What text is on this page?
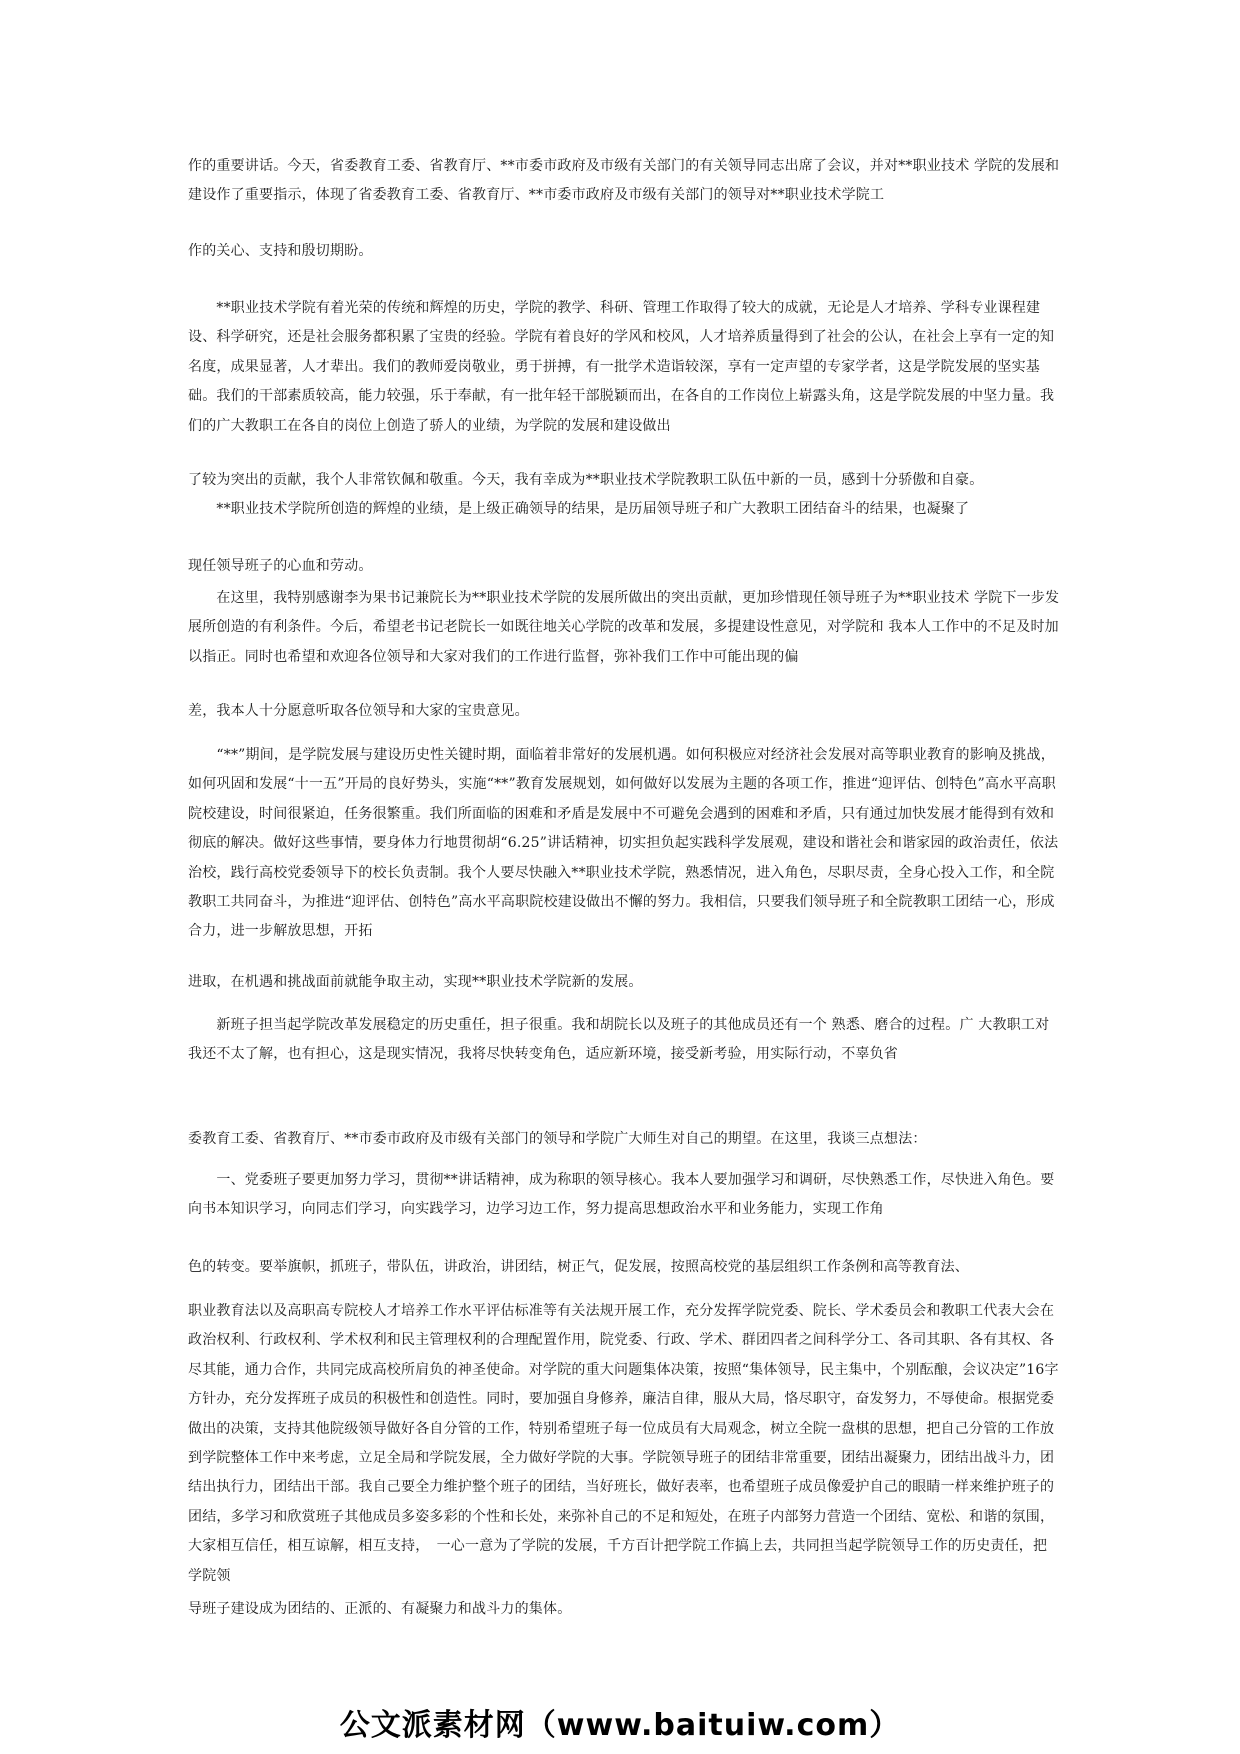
作的重要讲话。今天，省委教育工委、省教育厅、**市委市政府及市级有关部门的有关领导同志出席了会议，并对**职业技术 学院的发展和建设作了重要指示，体现了省委教育工委、省教育厅、**市委市政府及市级有关部门的领导对**职业技术学院工

作的关心、支持和殷切期盼。

　　**职业技术学院有着光荣的传统和辉煌的历史，学院的教学、科研、管理工作取得了较大的成就，无论是人才培养、学科专业课程建设、科学研究，还是社会服务都积累了宝贵的经验。学院有着良好的学风和校风，人才培养质量得到了社会的公认，在社会上享有一定的知名度，成果显著，人才辈出。我们的教师爱岗敬业，勇于拼搏，有一批学术造诣较深，享有一定声望的专家学者，这是学院发展的坚实基础。我们的干部素质较高，能力较强，乐于奉献，有一批年轻干部脱颖而出，在各自的工作岗位上崭露头角，这是学院发展的中坚力量。我们的广大教职工在各自的岗位上创造了骄人的业绩，为学院的发展和建设做出

了较为突出的贡献，我个人非常钦佩和敬重。今天，我有幸成为**职业技术学院教职工队伍中新的一员，感到十分骄傲和自豪。

　　**职业技术学院所创造的辉煌的业绩，是上级正确领导的结果，是历届领导班子和广大教职工团结奋斗的结果，也凝聚了

现任领导班子的心血和劳动。

　　在这里，我特别感谢李为果书记兼院长为**职业技术学院的发展所做出的突出贡献，更加珍惜现任领导班子为**职业技术 学院下一步发展所创造的有利条件。今后，希望老书记老院长一如既往地关心学院的改革和发展，多提建设性意见，对学院和 我本人工作中的不足及时加以指正。同时也希望和欢迎各位领导和大家对我们的工作进行监督，弥补我们工作中可能出现的偏

差，我本人十分愿意听取各位领导和大家的宝贵意见。

　　“**”期间，是学院发展与建设历史性关键时期，面临着非常好的发展机遇。如何积极应对经济社会发展对高等职业教育的影响及挑战，如何巩固和发展“十一五”开局的良好势头，实施“**”教育发展规划，如何做好以发展为主题的各项工作，推进“迎评估、创特色”高水平高职院校建设，时间很紧迫，任务很繁重。我们所面临的困难和矛盾是发展中不可避免会遇到的困难和矛盾，只有通过加快发展才能得到有效和彻底的解决。做好这些事情，要身体力行地贯彻胡“6.25”讲话精神，切实担负起实践科学发展观，建设和谐社会和谐家园的政治责任，依法治校，践行高校党委领导下的校长负责制。我个人要尽快融入**职业技术学院，熟悉情况，进入角色，尽职尽责，全身心投入工作，和全院教职工共同奋斗，为推进“迎评估、创特色”高水平高职院校建设做出不懈的努力。我相信，只要我们领导班子和全院教职工团结一心，形成合力，进一步解放思想，开拓

进取，在机遇和挑战面前就能争取主动，实现**职业技术学院新的发展。

　　新班子担当起学院改革发展稳定的历史重任，担子很重。我和胡院长以及班子的其他成员还有一个 熟悉、磨合的过程。广 大教职工对我还不太了解，也有担心，这是现实情况，我将尽快转变角色，适应新环境，接受新考验，用实际行动，不辜负省

委教育工委、省教育厅、**市委市政府及市级有关部门的领导和学院广大师生对自己的期望。在这里，我谈三点想法：

　　一、党委班子要更加努力学习，贯彻**讲话精神，成为称职的领导核心。我本人要加强学习和调研，尽快熟悉工作，尽快进入角色。要向书本知识学习，向同志们学习，向实践学习，边学习边工作，努力提高思想政治水平和业务能力，实现工作角

色的转变。要举旗帜，抓班子，带队伍，讲政治，讲团结，树正气，促发展，按照高校党的基层组织工作条例和高等教育法、

职业教育法以及高职高专院校人才培养工作水平评估标准等有关法规开展工作，充分发挥学院党委、院长、学术委员会和教职工代表大会在政治权利、行政权利、学术权利和民主管理权利的合理配置作用，院党委、行政、学术、群团四者之间科学分工、各司其职、各有其权、各尽其能，通力合作，共同完成高校所肩负的神圣使命。对学院的重大问题集体决策，按照“集体领导，民主集中，个别酝酿，会议决定”16字方针办，充分发挥班子成员的积极性和创造性。同时，要加强自身修养，廉洁自律，服从大局，恪尽职守，奋发努力，不辱使命。根据党委做出的决策，支持其他院级领导做好各自分管的工作，特别希望班子每一位成员有大局观念，树立全院一盘棋的思想，把自己分管的工作放到学院整体工作中来考虑，立足全局和学院发展，全力做好学院的大事。学院领导班子的团结非常重要，团结出凝聚力，团结出战斗力，团结出执行力，团结出干部。我自己要全力维护整个班子的团结，当好班长，做好表率，也希望班子成员像爱护自己的眼睛一样来维护班子的团结，多学习和欣赏班子其他成员多姿多彩的个性和长处，来弥补自己的不足和短处，在班子内部努力营造一个团结、宽松、和谐的氛围，大家相互信任，相互谅解，相互支持，　一心一意为了学院的发展，千方百计把学院工作搞上去，共同担当起学院领导工作的历史责任，把学院领

导班子建设成为团结的、正派的、有凝聚力和战斗力的集体。

公文派素材网（www.baituiw.com）
